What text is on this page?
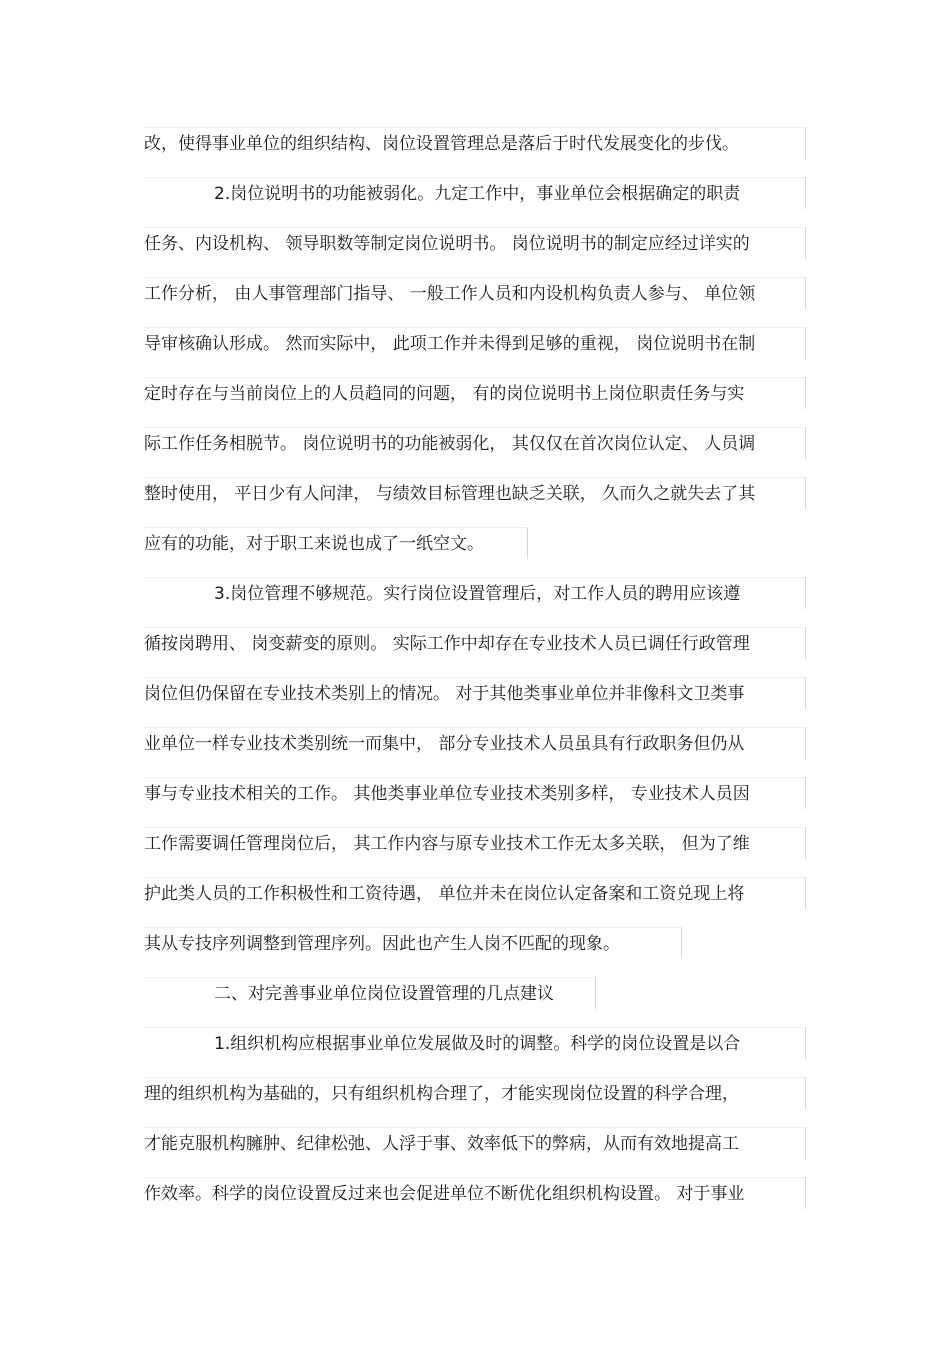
改，使得事业单位的组织结构、岗位设置管理总是落后于时代发展变化的步伐。
2.岗位说明书的功能被弱化。九定工作中，事业单位会根据确定的职责
任务、内设机构、 领导职数等制定岗位说明书。 岗位说明书的制定应经过详实的
工作分析， 由人事管理部门指导、 一般工作人员和内设机构负责人参与、 单位领
导审核确认形成。 然而实际中， 此项工作并未得到足够的重视， 岗位说明书在制
定时存在与当前岗位上的人员趋同的问题， 有的岗位说明书上岗位职责任务与实
际工作任务相脱节。 岗位说明书的功能被弱化， 其仅仅在首次岗位认定、 人员调
整时使用， 平日少有人问津， 与绩效目标管理也缺乏关联， 久而久之就失去了其
应有的功能，对于职工来说也成了一纸空文。
3.岗位管理不够规范。实行岗位设置管理后，对工作人员的聘用应该遵
循按岗聘用、 岗变薪变的原则。 实际工作中却存在专业技术人员已调任行政管理
岗位但仍保留在专业技术类别上的情况。 对于其他类事业单位并非像科文卫类事
业单位一样专业技术类别统一而集中， 部分专业技术人员虽具有行政职务但仍从
事与专业技术相关的工作。 其他类事业单位专业技术类别多样， 专业技术人员因
工作需要调任管理岗位后， 其工作内容与原专业技术工作无太多关联， 但为了维
护此类人员的工作积极性和工资待遇， 单位并未在岗位认定备案和工资兑现上将
其从专技序列调整到管理序列。因此也产生人岗不匹配的现象。
二、对完善事业单位岗位设置管理的几点建议
1.组织机构应根据事业单位发展做及时的调整。科学的岗位设置是以合
理的组织机构为基础的，只有组织机构合理了，才能实现岗位设置的科学合理，
才能克服机构臃肿、纪律松弛、人浮于事、效率低下的弊病，从而有效地提高工
作效率。科学的岗位设置反过来也会促进单位不断优化组织机构设置。 对于事业
